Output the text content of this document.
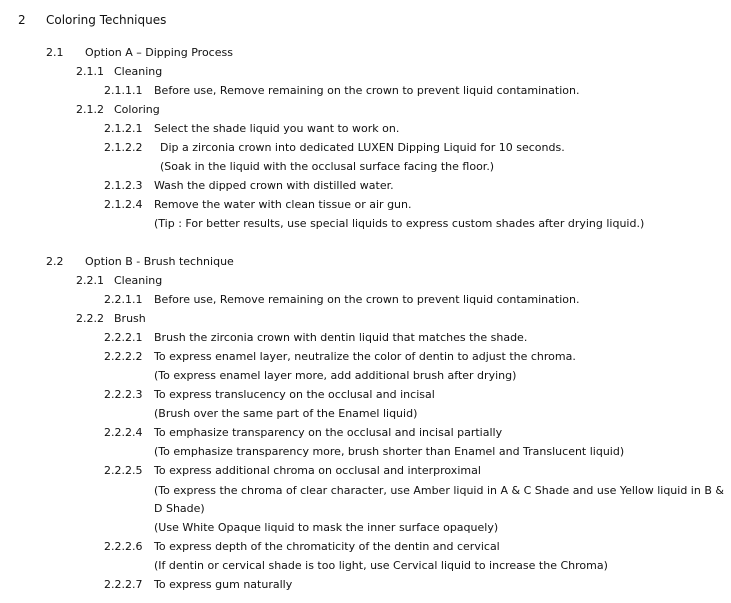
2 Coloring Techniques
2.1 Option A – Dipping Process
2.1.1 Cleaning
2.1.1.1 Before use, Remove remaining on the crown to prevent liquid contamination.
2.1.2 Coloring
2.1.2.1 Select the shade liquid you want to work on.
2.1.2.2 Dip a zirconia crown into dedicated LUXEN Dipping Liquid for 10 seconds.
(Soak in the liquid with the occlusal surface facing the floor.)
2.1.2.3 Wash the dipped crown with distilled water.
2.1.2.4 Remove the water with clean tissue or air gun.
(Tip : For better results, use special liquids to express custom shades after drying liquid.)
2.2 Option B - Brush technique
2.2.1 Cleaning
2.2.1.1 Before use, Remove remaining on the crown to prevent liquid contamination.
2.2.2 Brush
2.2.2.1 Brush the zirconia crown with dentin liquid that matches the shade.
2.2.2.2 To express enamel layer, neutralize the color of dentin to adjust the chroma.
(To express enamel layer more, add additional brush after drying)
2.2.2.3 To express translucency on the occlusal and incisal
(Brush over the same part of the Enamel liquid)
2.2.2.4 To emphasize transparency on the occlusal and incisal partially
(To emphasize transparency more, brush shorter than Enamel and Translucent liquid)
2.2.2.5 To express additional chroma on occlusal and interproximal
(To express the chroma of clear character, use Amber liquid in A & C Shade and use Yellow liquid in B &
D Shade)
(Use White Opaque liquid to mask the inner surface opaquely)
2.2.2.6 To express depth of the chromaticity of the dentin and cervical
(If dentin or cervical shade is too light, use Cervical liquid to increase the Chroma)
2.2.2.7 To express gum naturally
